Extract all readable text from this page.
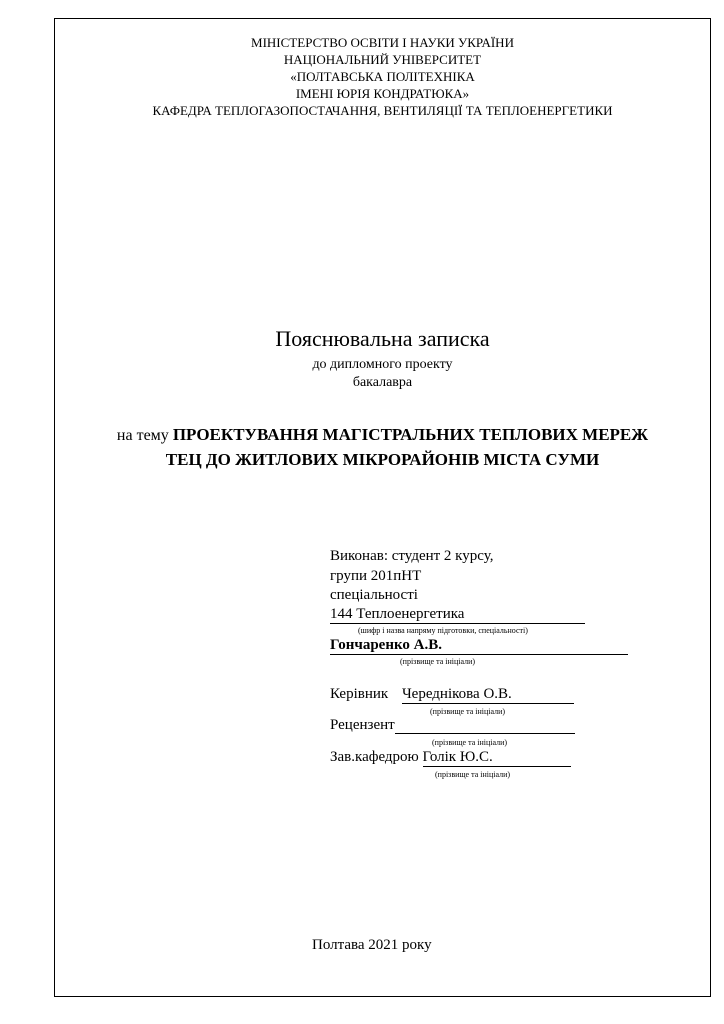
МІНІСТЕРСТВО ОСВІТИ І НАУКИ УКРАЇНИ
НАЦІОНАЛЬНИЙ УНІВЕРСИТЕТ
«ПОЛТАВСЬКА ПОЛІТЕХНІКА
ІМЕНІ ЮРІЯ КОНДРАТЮКА»
КАФЕДРА ТЕПЛОГАЗОПОСТАЧАННЯ, ВЕНТИЛЯЦІЇ ТА ТЕПЛОЕНЕРГЕТИКИ
Пояснювальна записка
до дипломного проекту
бакалавра
на тему ПРОЕКТУВАННЯ МАГІСТРАЛЬНИХ ТЕПЛОВИХ МЕРЕЖ
ТЕЦ ДО ЖИТЛОВИХ МІКРОРАЙОНІВ МІСТА СУМИ
Виконав: студент 2 курсу,
групи 201пНТ
спеціальності
144 Теплоенергетика
(шифр і назва напряму підготовки, спеціальності)
Гончаренко А.В.
(прізвище та ініціали)
Керівник Череднікова О.В.
(прізвище та ініціали)
Рецензент
(прізвище та ініціали)
Зав.кафедрою Голік Ю.С.
(прізвище та ініціали)
Полтава 2021 року
